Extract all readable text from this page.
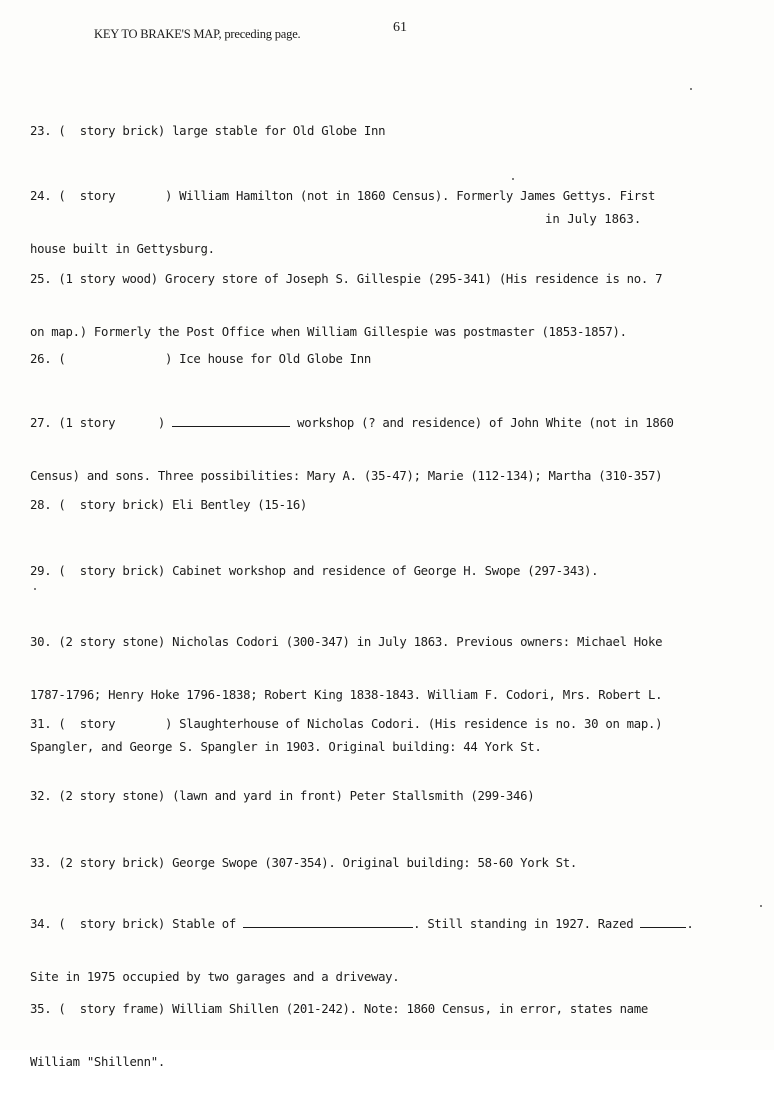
KEY TO BRAKE'S MAP, preceding page.	61

23. (  story brick) large stable for Old Globe Inn

24. (  story       ) William Hamilton (not in 1860 Census). Formerly James Gettys. First

house built in Gettysburg.

in July 1863.

25. (1 story wood) Grocery store of Joseph S. Gillespie (295-341) (His residence is no. 7

on map.) Formerly the Post Office when William Gillespie was postmaster (1853-1857).

26. (              ) Ice house for Old Globe Inn

27. (1 story      )	workshop (? and residence) of John White (not in 1860

Census) and sons. Three possibilities: Mary A. (35-47); Marie (112-134); Martha (310-357)

28. (  story brick) Eli Bentley (15-16)

29. (  story brick) Cabinet workshop and residence of George H. Swope (297-343).

30. (2 story stone) Nicholas Codori (300-347) in July 1863. Previous owners: Michael Hoke

1787-1796; Henry Hoke 1796-1838; Robert King 1838-1843. William F. Codori, Mrs. Robert L.

Spangler, and George S. Spangler in 1903. Original building: 44 York St.

31. (  story       ) Slaughterhouse of Nicholas Codori. (His residence is no. 30 on map.)

32. (2 story stone) (lawn and yard in front) Peter Stallsmith (299-346)

33. (2 story brick) George Swope (307-354). Original building: 58-60 York St.

34. (  story brick) Stable of	. Still standing in 1927. Razed	.

Site in 1975 occupied by two garages and a driveway.

35. (  story frame) William Shillen (201-242). Note: 1860 Census, in error, states name

William "Shillenn".
